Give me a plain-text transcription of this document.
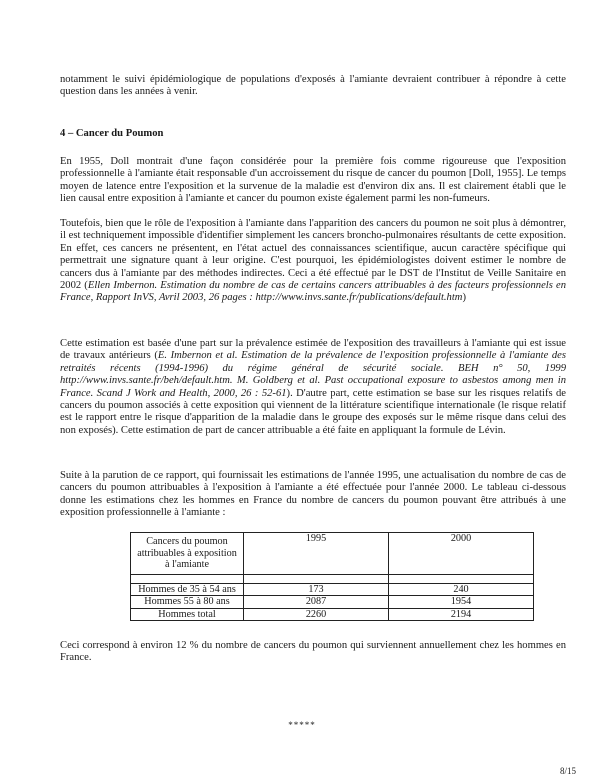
notamment le suivi épidémiologique de populations d'exposés à l'amiante devraient contribuer à répondre à cette question dans les années à venir.
4 – Cancer du Poumon
En 1955, Doll montrait d'une façon considérée pour la première fois comme rigoureuse que l'exposition professionnelle à l'amiante était responsable d'un accroissement du risque de cancer du poumon [Doll, 1955]. Le temps moyen de latence entre l'exposition et la survenue de la maladie est d'environ dix ans. Il est clairement établi que le lien causal entre exposition à l'amiante et cancer du poumon existe également parmi les non-fumeurs.
Toutefois, bien que le rôle de l'exposition à l'amiante dans l'apparition des cancers du poumon ne soit plus à démontrer, il est techniquement impossible d'identifier simplement les cancers broncho-pulmonaires résultants de cette exposition. En effet, ces cancers ne présentent, en l'état actuel des connaissances scientifique, aucun caractère spécifique qui permettrait une signature quant à leur origine. C'est pourquoi, les épidémiologistes doivent estimer le nombre de cancers dus à l'amiante par des méthodes indirectes. Ceci a été effectué par le DST de l'Institut de Veille Sanitaire en 2002 (Ellen Imbernon. Estimation du nombre de cas de certains cancers attribuables à des facteurs professionnels en France, Rapport InVS, Avril 2003, 26 pages : http://www.invs.sante.fr/publications/default.htm)
Cette estimation est basée d'une part sur la prévalence estimée de l'exposition des travailleurs à l'amiante qui est issue de travaux antérieurs (E. Imbernon et al. Estimation de la prévalence de l'exposition professionnelle à l'amiante des retraités récents (1994-1996) du régime général de sécurité sociale. BEH n° 50, 1999 http://www.invs.sante.fr/beh/default.htm. M. Goldberg et al. Past occupational exposure to asbestos among men in France. Scand J Work and Health, 2000, 26 : 52-61). D'autre part, cette estimation se base sur les risques relatifs de cancers du poumon associés à cette exposition qui viennent de la littérature scientifique internationale (le risque relatif est le rapport entre le risque d'apparition de la maladie dans le groupe des exposés sur le même risque dans celui des non exposés). Cette estimation de part de cancer attribuable a été faite en appliquant la formule de Lévin.
Suite à la parution de ce rapport, qui fournissait les estimations de l'année 1995, une actualisation du nombre de cas de cancers du poumon attribuables à l'exposition à l'amiante a été effectuée pour l'année 2000. Le tableau ci-dessous donne les estimations chez les hommes en France du nombre de cancers du poumon pouvant être attribués à une exposition professionnelle à l'amiante :
Cancers du poumon attribuables à exposition à l'amiante	1995	2000

Hommes de 35 à 54 ans	173	240
Hommes 55 à 80 ans	2087	1954
Hommes total	2260	2194
Ceci correspond à environ 12 % du nombre de cancers du poumon qui surviennent annuellement chez les hommes en France.
*****
8/15
